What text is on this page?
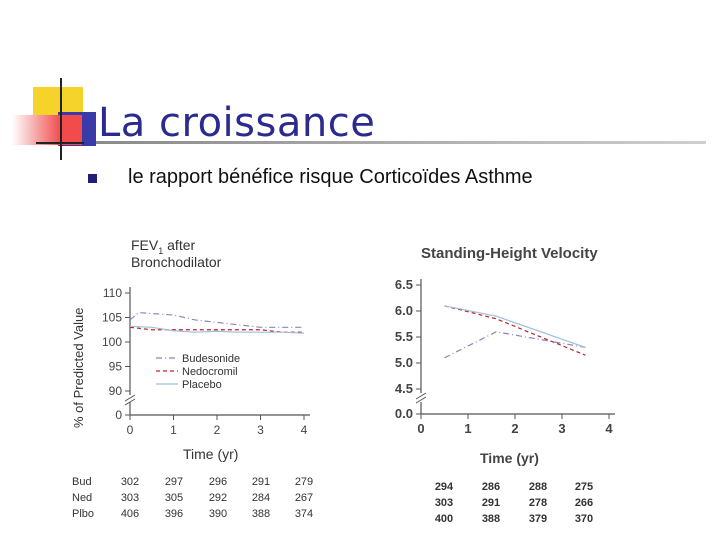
La croissance
le rapport bénéfice risque Corticoïdes Asthme
$FEV_1$ after
Bronchodilator
% of Predicted Value
110
105
100
95
90
0
0	1	2	3	4
Budesonide
Nedocromil
Placebo
Time (yr)
Bud	302 297 296 291 279
Ned	303 305 292 284 267
Plbo 406 396 390 388 374
Standing-Height Velocity
6.5
6.0
5.5
5.0
4.5
0.0
0	1	2	3	4
Time (yr)
294	286	288	275
303	291	278	266
400	388	379	370
